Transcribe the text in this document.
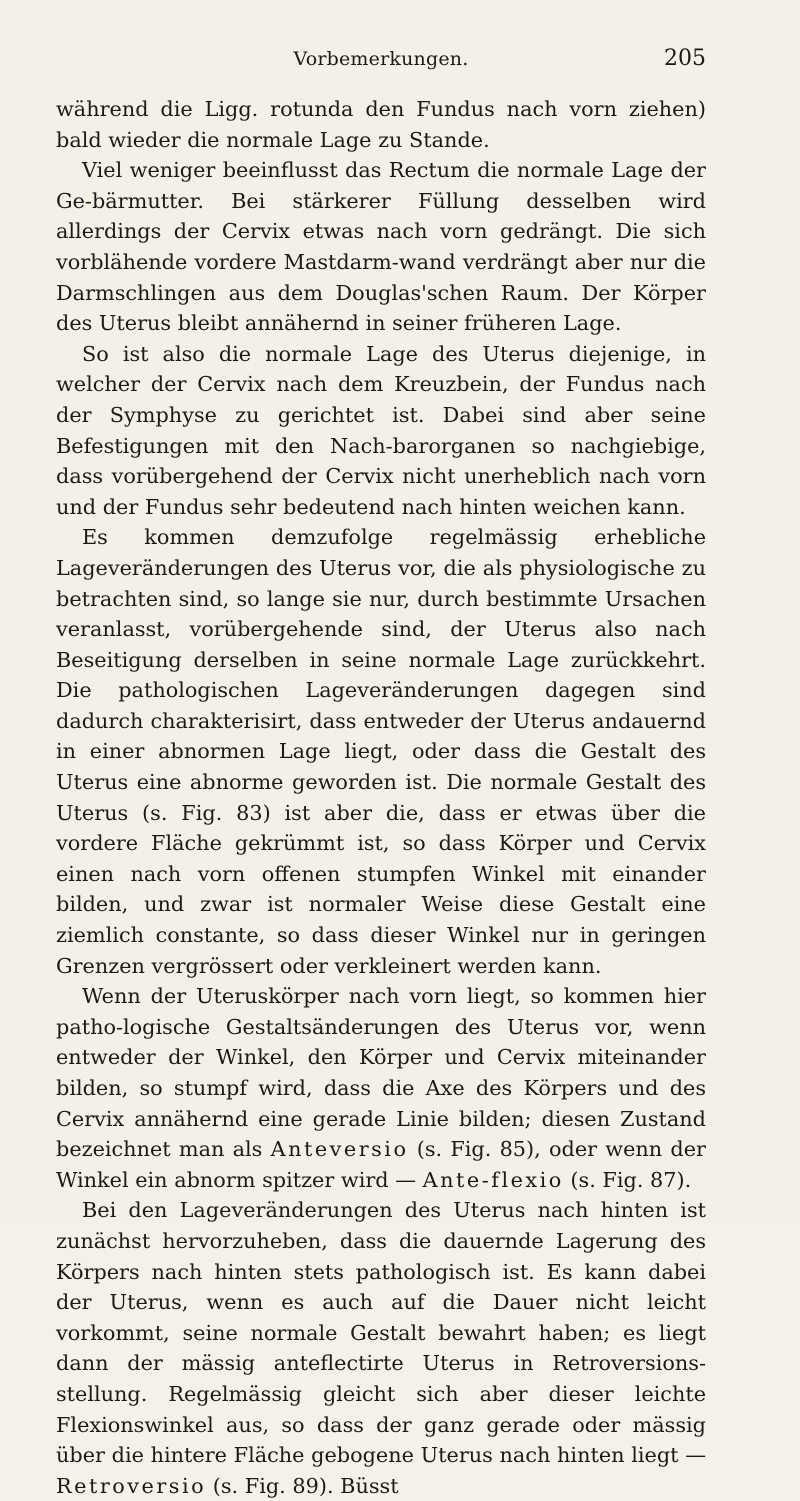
Vorbemerkungen.	205

während die Ligg. rotunda den Fundus nach vorn ziehen) bald wieder die normale Lage zu Stande.

Viel weniger beeinflusst das Rectum die normale Lage der Ge-bärmutter. Bei stärkerer Füllung desselben wird allerdings der Cervix etwas nach vorn gedrängt. Die sich vorblähende vordere Mastdarm-wand verdrängt aber nur die Darmschlingen aus dem Douglas'schen Raum. Der Körper des Uterus bleibt annähernd in seiner früheren Lage.

So ist also die normale Lage des Uterus diejenige, in welcher der Cervix nach dem Kreuzbein, der Fundus nach der Symphyse zu gerichtet ist. Dabei sind aber seine Befestigungen mit den Nach-barorganen so nachgiebige, dass vorübergehend der Cervix nicht unerheblich nach vorn und der Fundus sehr bedeutend nach hinten weichen kann.

Es kommen demzufolge regelmässig erhebliche Lageveränderungen des Uterus vor, die als physiologische zu betrachten sind, so lange sie nur, durch bestimmte Ursachen veranlasst, vorübergehende sind, der Uterus also nach Beseitigung derselben in seine normale Lage zurückkehrt. Die pathologischen Lageveränderungen dagegen sind dadurch charakterisirt, dass entweder der Uterus andauernd in einer abnormen Lage liegt, oder dass die Gestalt des Uterus eine abnorme geworden ist. Die normale Gestalt des Uterus (s. Fig. 83) ist aber die, dass er etwas über die vordere Fläche gekrümmt ist, so dass Körper und Cervix einen nach vorn offenen stumpfen Winkel mit einander bilden, und zwar ist normaler Weise diese Gestalt eine ziemlich constante, so dass dieser Winkel nur in geringen Grenzen vergrössert oder verkleinert werden kann.

Wenn der Uteruskörper nach vorn liegt, so kommen hier patho-logische Gestaltsänderungen des Uterus vor, wenn entweder der Winkel, den Körper und Cervix miteinander bilden, so stumpf wird, dass die Axe des Körpers und des Cervix annähernd eine gerade Linie bilden; diesen Zustand bezeichnet man als Anteversio (s. Fig. 85), oder wenn der Winkel ein abnorm spitzer wird — Ante-flexio (s. Fig. 87).

Bei den Lageveränderungen des Uterus nach hinten ist zunächst hervorzuheben, dass die dauernde Lagerung des Körpers nach hinten stets pathologisch ist. Es kann dabei der Uterus, wenn es auch auf die Dauer nicht leicht vorkommt, seine normale Gestalt bewahrt haben; es liegt dann der mässig anteflectirte Uterus in Retroversions-stellung. Regelmässig gleicht sich aber dieser leichte Flexionswinkel aus, so dass der ganz gerade oder mässig über die hintere Fläche gebogene Uterus nach hinten liegt — Retroversio (s. Fig. 89). Büsst
